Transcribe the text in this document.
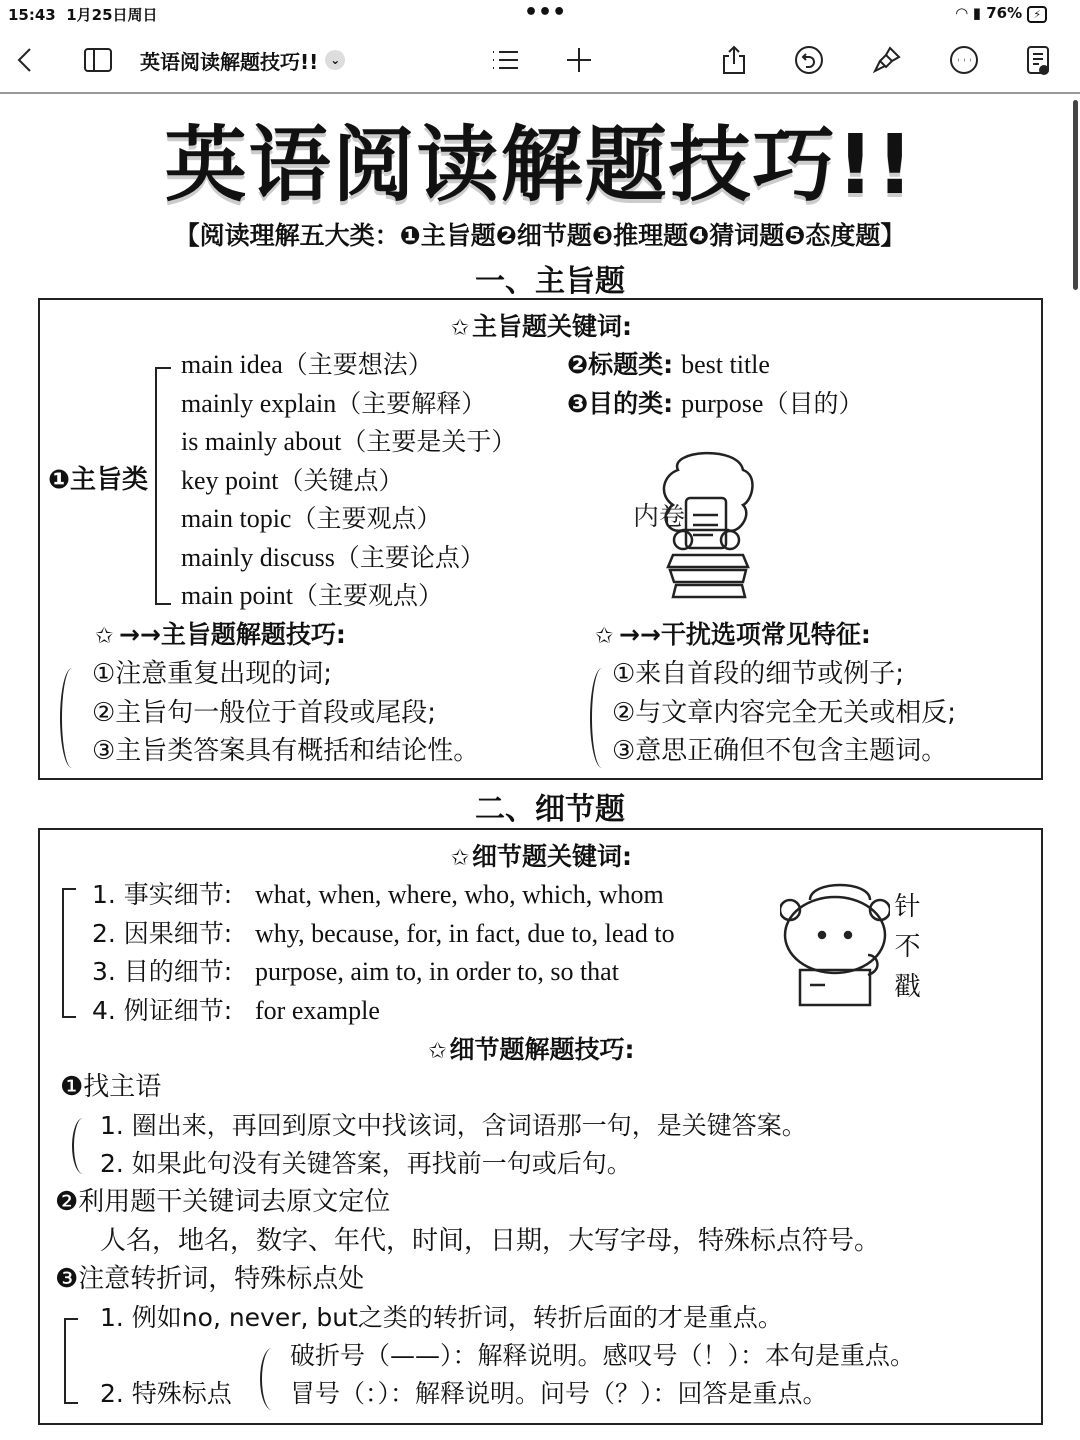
15:43 1月25日周日	•••	◠ ▮ 76% ⚡
英语阅读解题技巧!!
⌄
英语阅读解题技巧!!
【阅读理解五大类：❶主旨题❷细节题❸推理题❹猜词题❺态度题】
一、主旨题
✩ 主旨题关键词:
❶主旨类
main idea（主要想法）
mainly explain（主要解释）
is mainly about（主要是关于）
key point（关键点）
main topic（主要观点）
mainly discuss（主要论点）
main point（主要观点）
❷标题类: best title
❸目的类: purpose（目的）
内卷
✩ →→主旨题解题技巧:
①注意重复出现的词;
②主旨句一般位于首段或尾段;
③主旨类答案具有概括和结论性。
✩ →→干扰选项常见特征:
①来自首段的细节或例子;
②与文章内容完全无关或相反;
③意思正确但不包含主题词。
二、细节题
✩ 细节题关键词:
1. 事实细节: what, when, where, who, which, whom
2. 因果细节: why, because, for, in fact, due to, lead to
3. 目的细节: purpose, aim to, in order to, so that
4. 例证细节: for example	针不戳
✩ 细节题解题技巧:
❶找主语
1. 圈出来，再回到原文中找该词，含词语那一句，是关键答案。
2. 如果此句没有关键答案，再找前一句或后句。
❷利用题干关键词去原文定位
人名，地名，数字、年代，时间，日期，大写字母，特殊标点符号。
❸注意转折词，特殊标点处
1. 例如no, never, but之类的转折词，转折后面的才是重点。
2. 特殊标点
破折号（——）：解释说明。感叹号（！）：本句是重点。
冒号（：）：解释说明。问号（？）：回答是重点。
